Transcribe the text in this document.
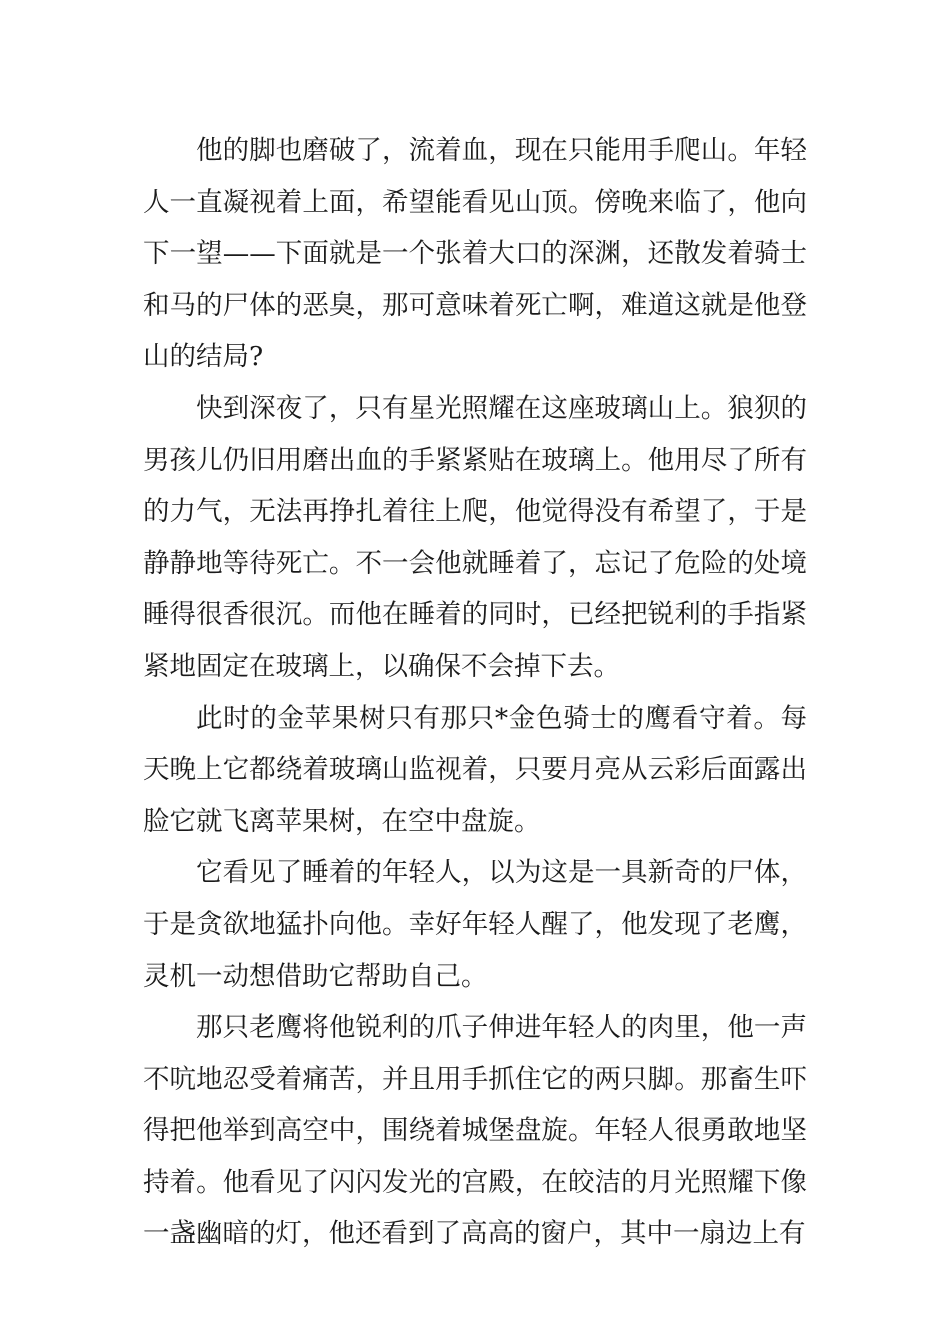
他的脚也磨破了，流着血，现在只能用手爬山。年轻人一直凝视着上面，希望能看见山顶。傍晚来临了，他向下一望——下面就是一个张着大口的深渊，还散发着骑士和马的尸体的恶臭，那可意味着死亡啊，难道这就是他登山的结局?

快到深夜了，只有星光照耀在这座玻璃山上。狼狈的男孩儿仍旧用磨出血的手紧紧贴在玻璃上。他用尽了所有的力气，无法再挣扎着往上爬，他觉得没有希望了，于是静静地等待死亡。不一会他就睡着了，忘记了危险的处境睡得很香很沉。而他在睡着的同时，已经把锐利的手指紧紧地固定在玻璃上，以确保不会掉下去。

此时的金苹果树只有那只*金色骑士的鹰看守着。每天晚上它都绕着玻璃山监视着，只要月亮从云彩后面露出脸它就飞离苹果树，在空中盘旋。

它看见了睡着的年轻人，以为这是一具新奇的尸体，于是贪欲地猛扑向他。幸好年轻人醒了，他发现了老鹰，灵机一动想借助它帮助自己。

那只老鹰将他锐利的爪子伸进年轻人的肉里，他一声不吭地忍受着痛苦，并且用手抓住它的两只脚。那畜生吓得把他举到高空中，围绕着城堡盘旋。年轻人很勇敢地坚持着。他看见了闪闪发光的宫殿，在皎洁的月光照耀下像一盏幽暗的灯，他还看到了高高的窗户，其中一扇边上有
